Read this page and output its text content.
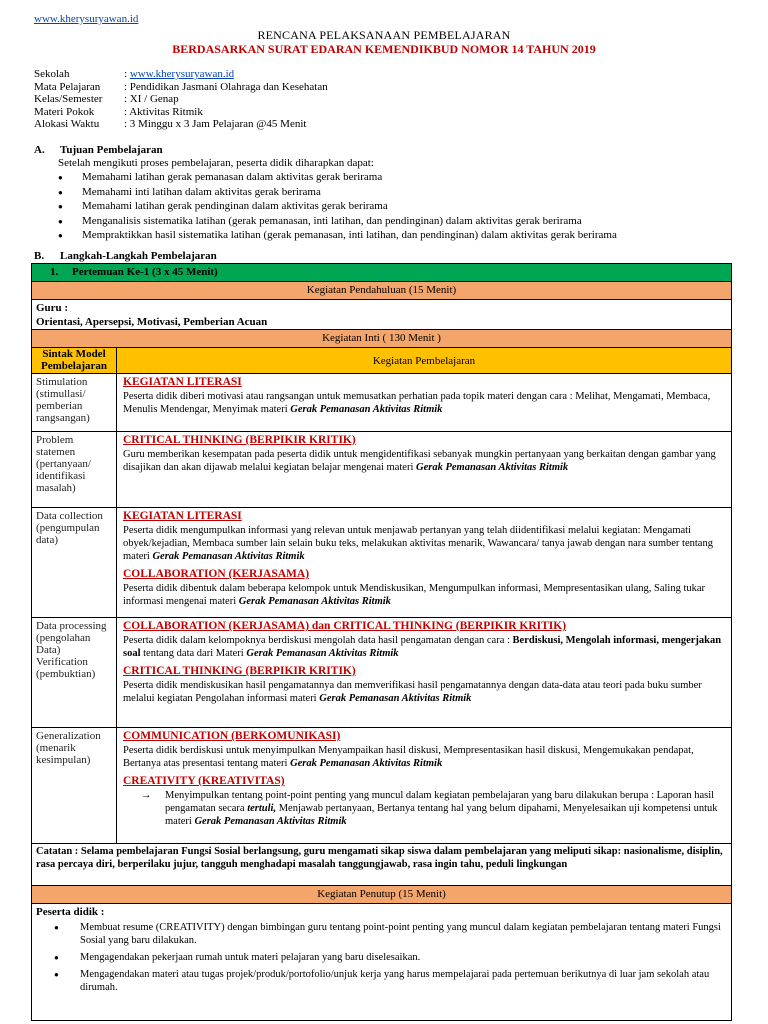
www.kherysuryawan.id
RENCANA PELAKSANAAN PEMBELAJARAN
BERDASARKAN SURAT EDARAN KEMENDIKBUD NOMOR 14 TAHUN 2019
Sekolah	: www.kherysuryawan.id
Mata Pelajaran : Pendidikan Jasmani Olahraga dan Kesehatan
Kelas/Semester : XI / Genap
Materi Pokok	: Aktivitas Ritmik
Alokasi Waktu : 3 Minggu x 3 Jam Pelajaran @45 Menit
A. Tujuan Pembelajaran
Setelah mengikuti proses pembelajaran, peserta didik diharapkan dapat:
● Memahami latihan gerak pemanasan dalam aktivitas gerak berirama
● Memahami inti latihan dalam aktivitas gerak berirama
● Memahami latihan gerak pendinginan dalam aktivitas gerak berirama
● Menganalisis sistematika latihan (gerak pemanasan, inti latihan, dan pendinginan) dalam aktivitas gerak berirama
● Mempraktikkan hasil sistematika latihan (gerak pemanasan, inti latihan, dan pendinginan) dalam aktivitas gerak berirama
B. Langkah-Langkah Pembelajaran
1. Pertemuan Ke-1 (3 x 45 Menit)
Kegiatan Pendahuluan (15 Menit)
Guru :
Orientasi, Apersepsi, Motivasi, Pemberian Acuan
Kegiatan Inti ( 130 Menit )
Sintak Model Pembelajaran	Kegiatan Pembelajaran
Stimulation (stimullasi/ pemberian rangsangan)
KEGIATAN LITERASI
Peserta didik diberi motivasi atau rangsangan untuk memusatkan perhatian pada topik materi dengan cara : Melihat, Mengamati, Membaca, Menulis Mendengar, Menyimak materi Gerak Pemanasan Aktivitas Ritmik
Problem statemen (pertanyaan/ identifikasi masalah)
CRITICAL THINKING (BERPIKIR KRITIK)
Guru memberikan kesempatan pada peserta didik untuk mengidentifikasi sebanyak mungkin pertanyaan yang berkaitan dengan gambar yang disajikan dan akan dijawab melalui kegiatan belajar mengenai materi Gerak Pemanasan Aktivitas Ritmik
Data collection (pengumpulan data)
KEGIATAN LITERASI
Peserta didik mengumpulkan informasi yang relevan untuk menjawab pertanyan yang telah diidentifikasi melalui kegiatan: Mengamati obyek/kejadian, Membaca sumber lain selain buku teks, melakukan aktivitas menarik, Wawancara/ tanya jawab dengan nara sumber tentang materi Gerak Pemanasan Aktivitas Ritmik
COLLABORATION (KERJASAMA)
Peserta didik dibentuk dalam beberapa kelompok untuk Mendiskusikan, Mengumpulkan informasi, Mempresentasikan ulang, Saling tukar informasi mengenai materi Gerak Pemanasan Aktivitas Ritmik
Data processing (pengolahan Data) Verification (pembuktian)
COLLABORATION (KERJASAMA) dan CRITICAL THINKING (BERPIKIR KRITIK)
Peserta didik dalam kelompoknya berdiskusi mengolah data hasil pengamatan dengan cara : Berdiskusi, Mengolah informasi, mengerjakan soal tentang data dari Materi Gerak Pemanasan Aktivitas Ritmik
CRITICAL THINKING (BERPIKIR KRITIK)
Peserta didik mendiskusikan hasil pengamatannya dan memverifikasi hasil pengamatannya dengan data-data atau teori pada buku sumber melalui kegiatan Pengolahan informasi materi Gerak Pemanasan Aktivitas Ritmik
Generalization (menarik kesimpulan)
COMMUNICATION (BERKOMUNIKASI)
Peserta didik berdiskusi untuk menyimpulkan Menyampaikan hasil diskusi, Mempresentasikan hasil diskusi, Mengemukakan pendapat, Bertanya atas presentasi tentang materi Gerak Pemanasan Aktivitas Ritmik
CREATIVITY (KREATIVITAS)
→ Menyimpulkan tentang point-point penting yang muncul dalam kegiatan pembelajaran yang baru dilakukan berupa : Laporan hasil pengamatan secara tertuli, Menjawab pertanyaan, Bertanya tentang hal yang belum dipahami, Menyelesaikan uji kompetensi untuk materi Gerak Pemanasan Aktivitas Ritmik
Catatan : Selama pembelajaran Fungsi Sosial berlangsung, guru mengamati sikap siswa dalam pembelajaran yang meliputi sikap: nasionalisme, disiplin, rasa percaya diri, berperilaku jujur, tangguh menghadapi masalah tanggungjawab, rasa ingin tahu, peduli lingkungan
Kegiatan Penutup (15 Menit)
Peserta didik :
● Membuat resume (CREATIVITY) dengan bimbingan guru tentang point-point penting yang muncul dalam kegiatan pembelajaran tentang materi Fungsi Sosial yang baru dilakukan.
● Mengagendakan pekerjaan rumah untuk materi pelajaran yang baru diselesaikan.
● Mengagendakan materi atau tugas projek/produk/portofolio/unjuk kerja yang harus mempelajarai pada pertemuan berikutnya di luar jam sekolah atau dirumah.
